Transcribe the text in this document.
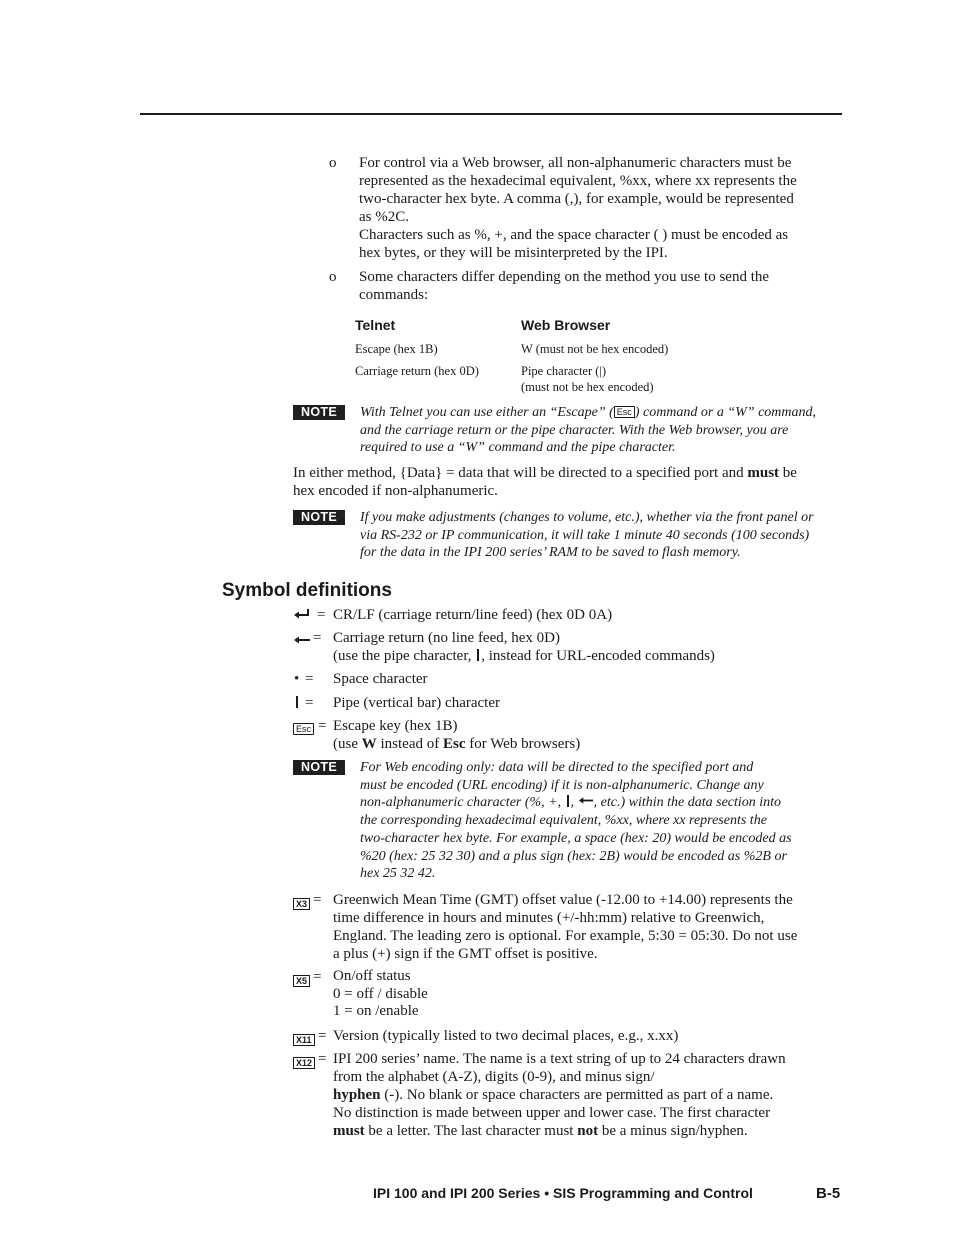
o For control via a Web browser, all non-alphanumeric characters must be
represented as the hexadecimal equivalent, %xx, where xx represents the
two-character hex byte. A comma (,), for example, would be represented
as %2C.
Characters such as %, +, and the space character ( ) must be encoded as
hex bytes, or they will be misinterpreted by the IPI.
o Some characters differ depending on the method you use to send the
commands:
Telnet	Web Browser
Escape (hex 1B)	W (must not be hex encoded)
Carriage return (hex 0D)	Pipe character (|)
(must not be hex encoded)
NOTE	With Telnet you can use either an “Escape” ( Esc ) command or a “W” command,
and the carriage return or the pipe character. With the Web browser, you are
required to use a “W” command and the pipe character.
In either method, {Data} = data that will be directed to a specified port and must be
hex encoded if non-alphanumeric.
NOTE	If you make adjustments (changes to volume, etc.), whether via the front panel or
via RS-232 or IP communication, it will take 1 minute 40 seconds (100 seconds)
for the data in the IPI 200 series’ RAM to be saved to flash memory.
Symbol definitions
= CR/LF (carriage return/line feed) (hex 0D 0A)
= Carriage return (no line feed, hex 0D)
(use the pipe character, , instead for URL-encoded commands)
• = Space character
= Pipe (vertical bar) character
Esc = Escape key (hex 1B)
(use W instead of Esc for Web browsers)
NOTE	For Web encoding only: data will be directed to the specified port and
must be encoded (URL encoding) if it is non-alphanumeric. Change any
non-alphanumeric character (%, +, , , etc.) within the data section into
the corresponding hexadecimal equivalent, %xx, where xx represents the
two-character hex byte. For example, a space (hex: 20) would be encoded as
%20 (hex: 25 32 30) and a plus sign (hex: 2B) would be encoded as %2B or
hex 25 32 42.
X3 = Greenwich Mean Time (GMT) offset value (-12.00 to +14.00) represents the
time difference in hours and minutes (+/-hh:mm) relative to Greenwich,
England. The leading zero is optional. For example, 5:30 = 05:30. Do not use
a plus (+) sign if the GMT offset is positive.
X5 = On/off status
0 = off / disable
1 = on /enable
X11 = Version (typically listed to two decimal places, e.g., x.xx)
X12 = IPI 200 series’ name. The name is a text string of up to 24 characters drawn
from the alphabet (A-Z), digits (0-9), and minus sign/
hyphen (-). No blank or space characters are permitted as part of a name.
No distinction is made between upper and lower case. The first character
must be a letter. The last character must not be a minus sign/hyphen.
IPI 100 and IPI 200 Series • SIS Programming and Control	B-5
